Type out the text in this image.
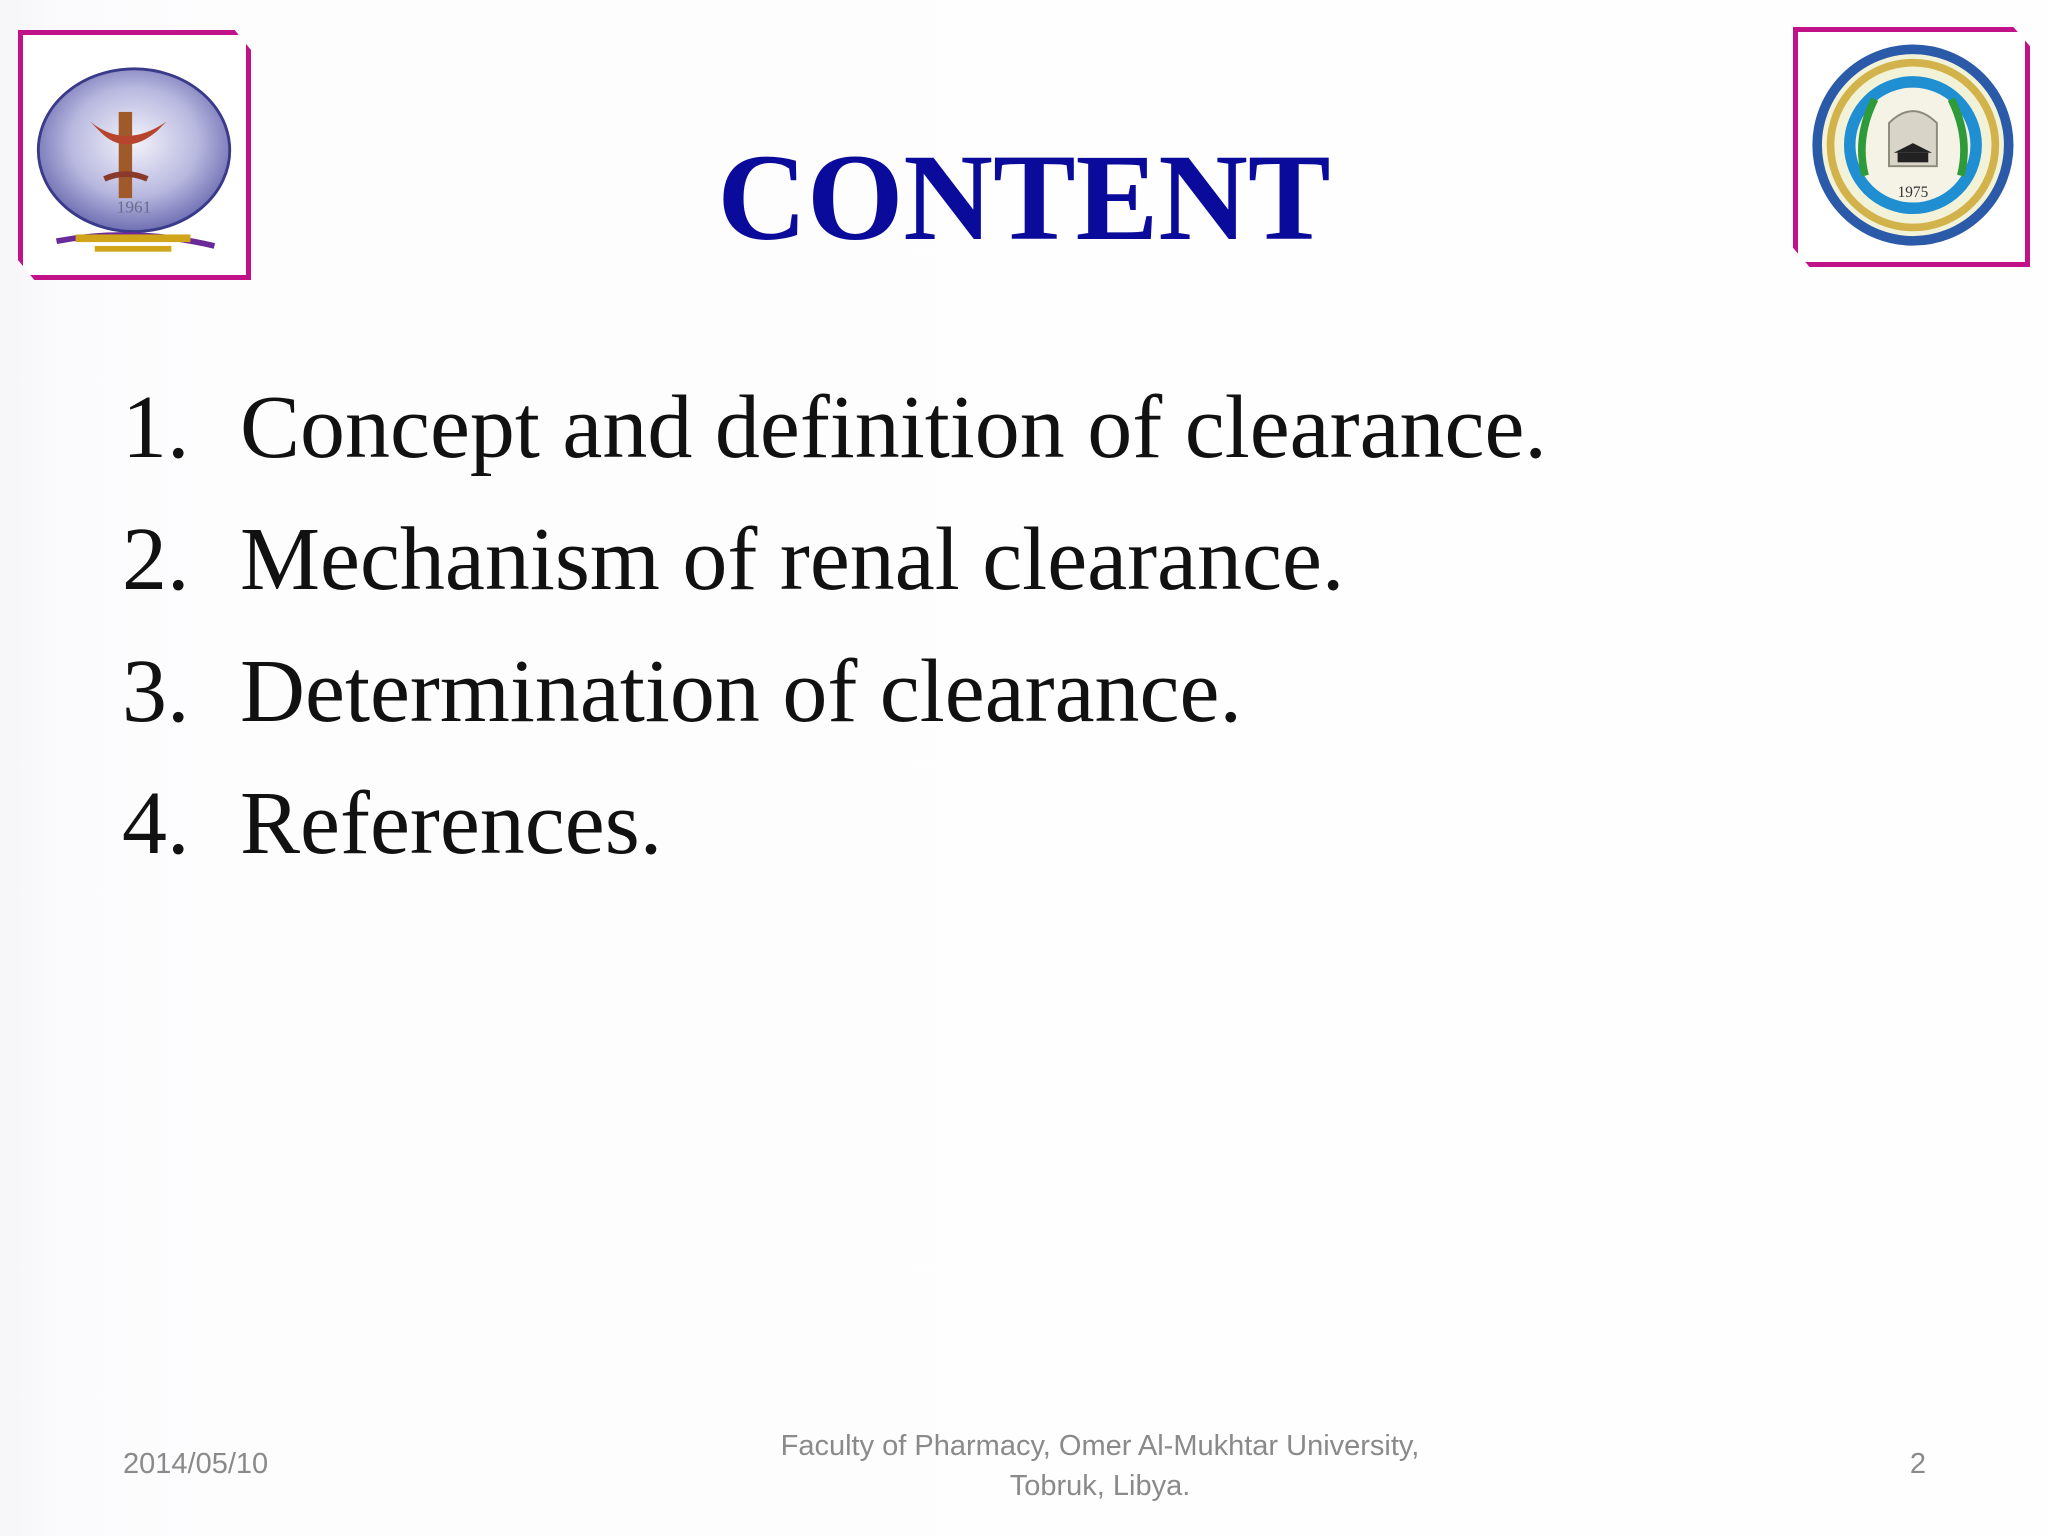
1961
1975
CONTENT
1. Concept and definition of clearance.
2. Mechanism of renal clearance.
3. Determination of clearance.
4. References.
2014/05/10
Faculty of Pharmacy, Omer Al-Mukhtar University,
Tobruk, Libya.
2
